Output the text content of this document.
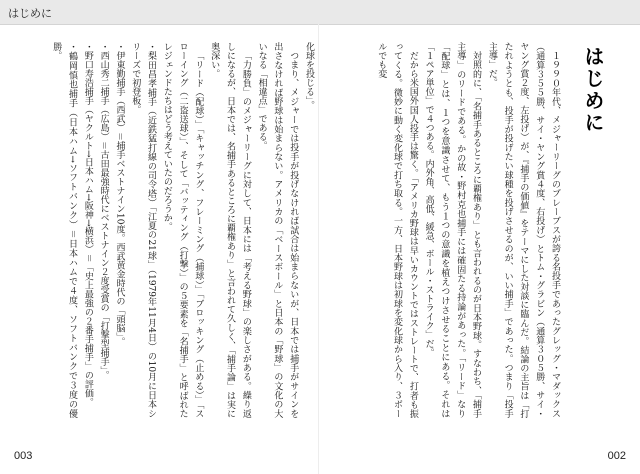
はじめに
はじめに
１９９０年代、メジャーリーグのブレーブスが誇る名投手であったグレッグ・マダックス（通算３５５勝、サイ・ヤング賞４度、右投げ）とトム・グラビン（通算３０５勝、サイ・ヤング賞２度、左投げ）が、『捕手の価値』をテーマにした対談に臨んだ。結論の主旨は「打たれようとも、投手が投げたい球種を投げさせるのが、いい捕手」であった。つまり「投手主導」だ。
対照的に、「名捕手あるところに覇権あり」とも言われるのが日本野球。すなわち、「捕手主導」のリードである。かの故・野村克也捕手には確固たる持論があった。「リード」なり「配球」とは、１つを意識させて、もう１つの意識を植えつけさせることにある。それは「１ペア単位」で４つある。内外角、高低、緩急、ボール・ストライク」だ。
だから米国外国人投手は驚く。「アメリカ野球は早いカウントではストレートで、打者も振ってくる。微妙に動く変化球で打ち取る。一方、日本野球は初球を変化球から入り、３ボールでも変
化球を投じる」。
つまり、メジャーでは投手が投げなければ試合は始まらないが、日本では捕手がサインを出さなければ野球は始まらない。アメリカの「ベースボール」と日本の「野球」の文化の大いなる「相違点」である。
「力勝負」のメジャーリーグに対して、日本には「考える野球」の楽しさがある。繰り返しになるが、日本では、名捕手あるところに覇権あり」と言われて久しく、「捕手論」は実に奥深い。
「リード（配球）」「キャッチング、フレーミング（捕球）」「ブロッキング（止める）」「スローイング（二盗送球）」、そして「バッティング（打撃）」の５要素を「名捕手」と呼ばれたレジェンドたちはどう考えていたのだろうか。
・梨田昌孝捕手（近鉄猛打線の司令塔）「江夏の21球」（1979年11月4日）の10月に日本シリーズで初登板。
・伊東勤捕手（西武）＝捕手ベストナイン10度。西武黄金時代の「頭脳」。
・西山秀二捕手（広島）＝古田最強時代にベストナイン２度受賞の「打撃型捕手」。
・野口寿浩捕手（ヤクルト→日本ハム→阪神→横浜）＝「史上最強の２番手捕手」の評価。
・鶴岡慎也捕手（日本ハム→ソフトバンク）＝日本ハムで４度、ソフトバンクで３度の優勝。
003	002
